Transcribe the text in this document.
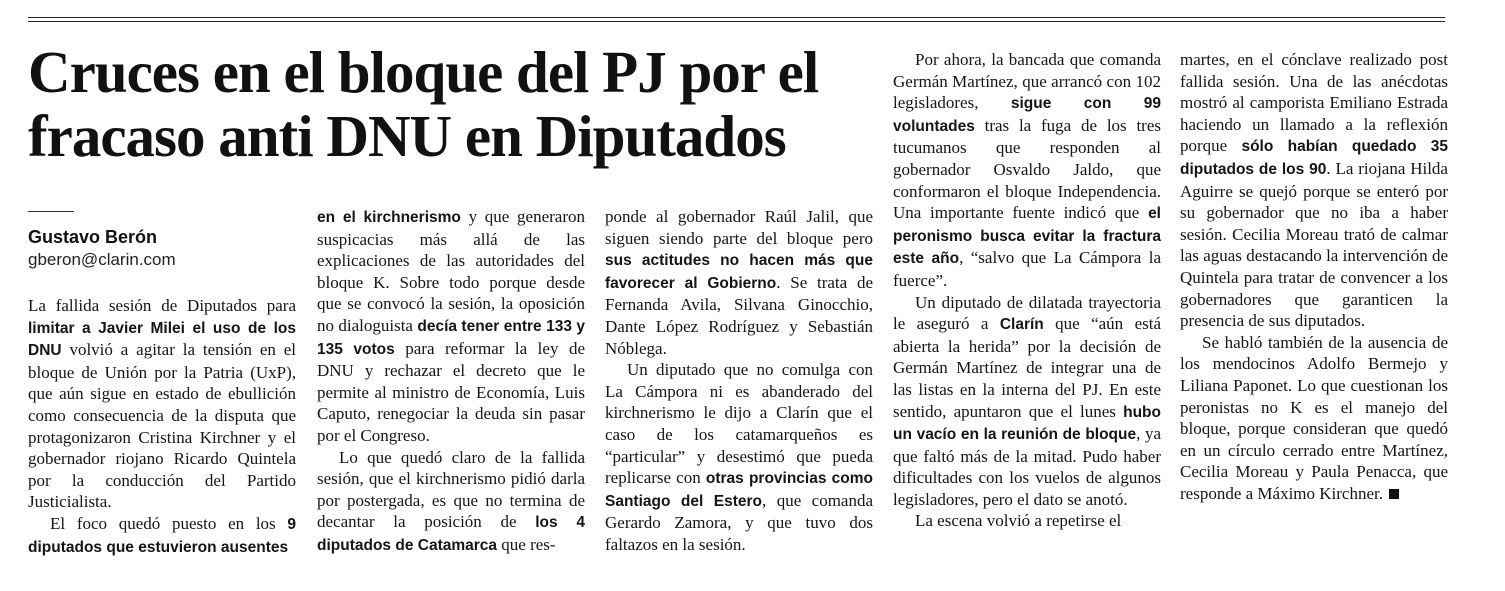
Cruces en el bloque del PJ por el fracaso anti DNU en Diputados
Gustavo Berón
gberon@clarin.com

La fallida sesión de Diputados para limitar a Javier Milei el uso de los DNU volvió a agitar la tensión en el bloque de Unión por la Patria (UxP), que aún sigue en estado de ebullición como consecuencia de la disputa que protagonizaron Cristina Kirchner y el gobernador riojano Ricardo Quintela por la conducción del Partido Justicialista.

El foco quedó puesto en los 9 diputados que estuvieron ausentes

en el kirchnerismo y que generaron suspicacias más allá de las explicaciones de las autoridades del bloque K. Sobre todo porque desde que se convocó la sesión, la oposición no dialoguista decía tener entre 133 y 135 votos para reformar la ley de DNU y rechazar el decreto que le permite al ministro de Economía, Luis Caputo, renegociar la deuda sin pasar por el Congreso.

Lo que quedó claro de la fallida sesión, que el kirchnerismo pidió darla por postergada, es que no termina de decantar la posición de los 4 diputados de Catamarca que res-

ponde al gobernador Raúl Jalil, que siguen siendo parte del bloque pero sus actitudes no hacen más que favorecer al Gobierno. Se trata de Fernanda Avila, Silvana Ginocchio, Dante López Rodríguez y Sebastián Nóblega.

Un diputado que no comulga con La Cámpora ni es abanderado del kirchnerismo le dijo a Clarín que el caso de los catamarqueños es “particular” y desestimó que pueda replicarse con otras provincias como Santiago del Estero, que comanda Gerardo Zamora, y que tuvo dos faltazos en la sesión.

Por ahora, la bancada que comanda Germán Martínez, que arrancó con 102 legisladores, sigue con 99 voluntades tras la fuga de los tres tucumanos que responden al gobernador Osvaldo Jaldo, que conformaron el bloque Independencia. Una importante fuente indicó que el peronismo busca evitar la fractura este año, “salvo que La Cámpora la fuerce”.

Un diputado de dilatada trayectoria le aseguró a Clarín que “aún está abierta la herida” por la decisión de Germán Martínez de integrar una de las listas en la interna del PJ. En este sentido, apuntaron que el lunes hubo un vacío en la reunión de bloque, ya que faltó más de la mitad. Pudo haber dificultades con los vuelos de algunos legisladores, pero el dato se anotó.

La escena volvió a repetirse el

martes, en el cónclave realizado post fallida sesión. Una de las anécdotas mostró al camporista Emiliano Estrada haciendo un llamado a la reflexión porque sólo habían quedado 35 diputados de los 90. La riojana Hilda Aguirre se quejó porque se enteró por su gobernador que no iba a haber sesión. Cecilia Moreau trató de calmar las aguas destacando la intervención de Quintela para tratar de convencer a los gobernadores que garanticen la presencia de sus diputados.

Se habló también de la ausencia de los mendocinos Adolfo Bermejo y Liliana Paponet. Lo que cuestionan los peronistas no K es el manejo del bloque, porque consideran que quedó en un círculo cerrado entre Martínez, Cecilia Moreau y Paula Penacca, que responde a Máximo Kirchner.
